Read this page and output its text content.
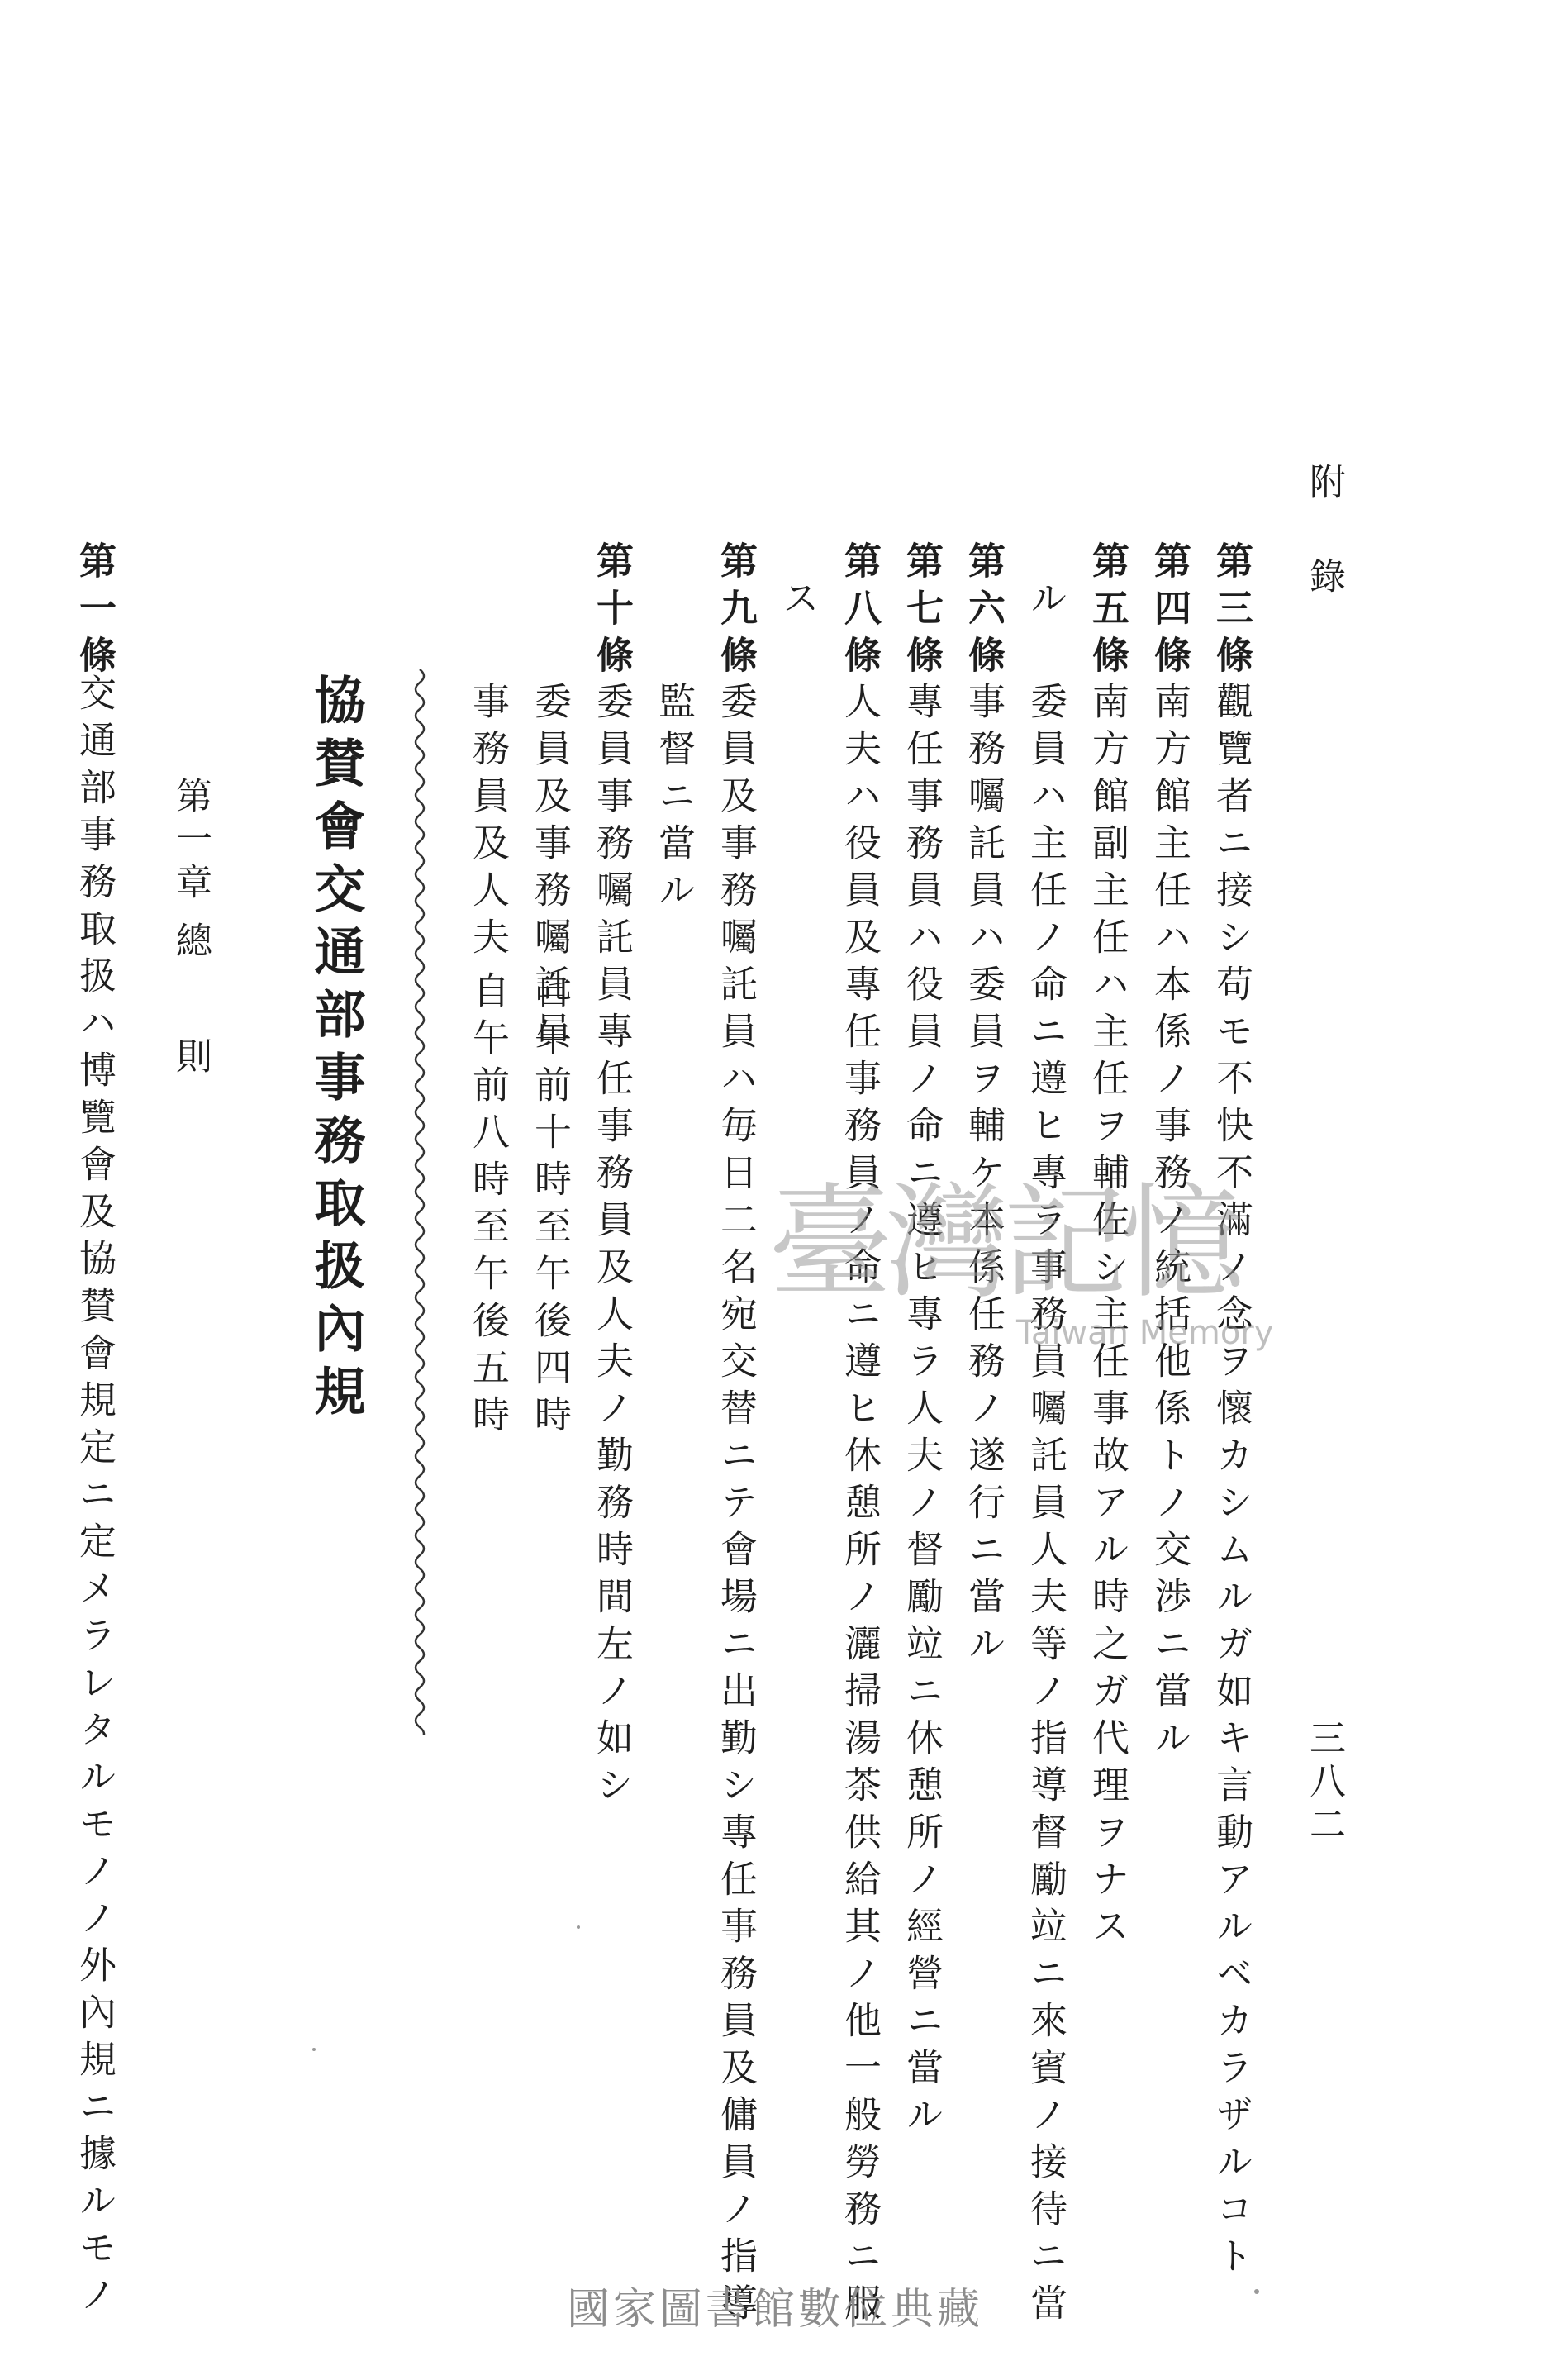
附錄
三八二
第三條
觀覽者ニ接シ苟モ不快不滿ノ念ヲ懷カシムルガ如キ言動アルベカラザルコト
第四條
南方館主任ハ本係ノ事務ノ統括他係トノ交渉ニ當ル
南方館副主任ハ主任ヲ輔佐シ主任事故アル時之ガ代理ヲナス
第五條
委員ハ主任ノ命ニ遵ヒ專ラ事務員囑託員人夫等ノ指導督勵竝ニ來賓ノ接待ニ當
ル
第六條
事務囑託員ハ委員ヲ輔ケ本係任務ノ遂行ニ當ル
第七條
專任事務員ハ役員ノ命ニ遵ヒ專ラ人夫ノ督勵竝ニ休憩所ノ經營ニ當ル
第八條
人夫ハ役員及專任事務員ノ命ニ遵ヒ休憩所ノ灑掃湯茶供給其ノ他一般勞務ニ服
ス
第九條
委員及事務囑託員ハ毎日二名宛交替ニテ會場ニ出勤シ專任事務員及傭員ノ指導
監督ニ當ル
第十條
委員事務囑託員專任事務員及人夫ノ勤務時間左ノ如シ
委員及事務囑託員
自午前十時至午後四時
事務員及人夫
自午前八時至午後五時
協賛會交通部事務取扱內規
第一章
總
則
第一條
交通部事務取扱ハ博覽會及協賛會規定ニ定メラレタルモノノ外內規ニ據ルモノ	臺灣記憶
Taiwan Memory
國家圖書館數位典藏
